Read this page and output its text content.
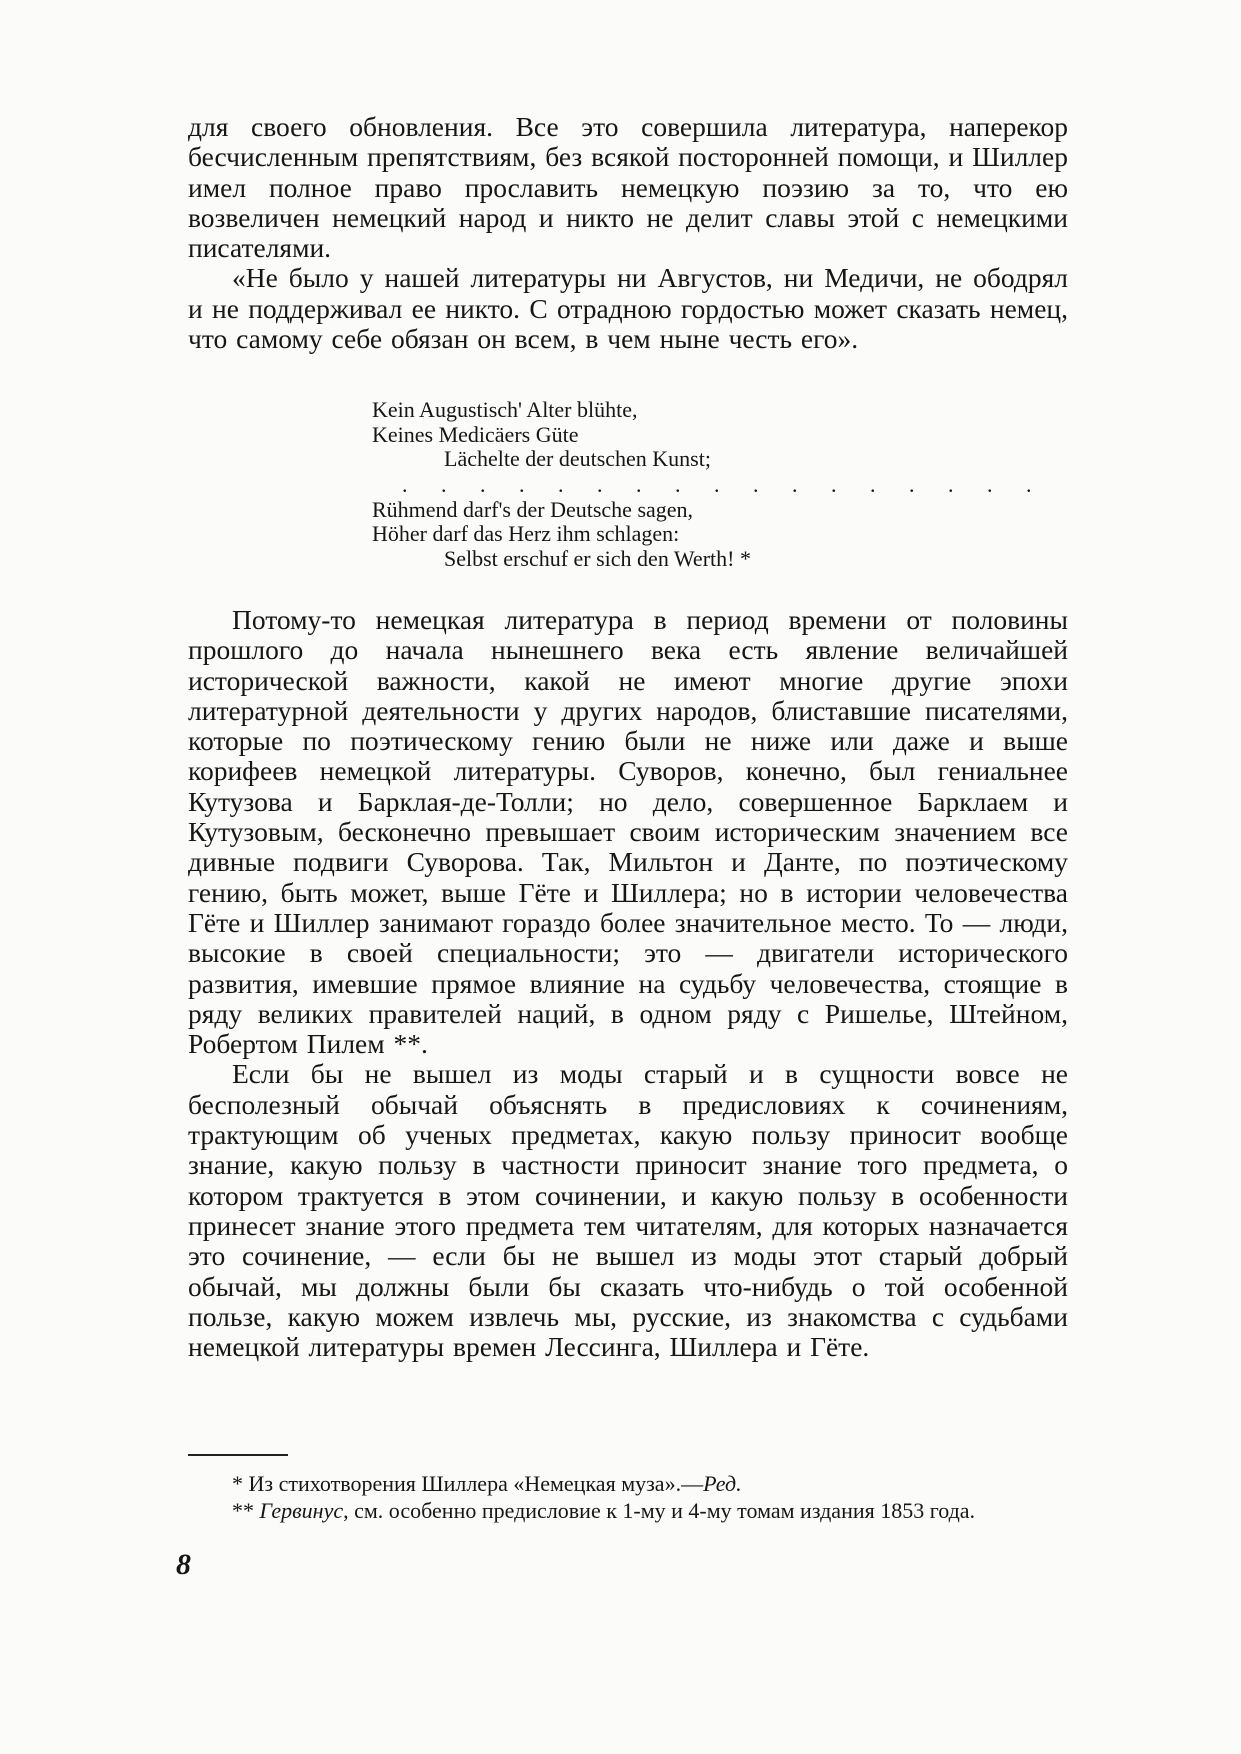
для своего обновления. Все это совершила литература, наперекор бесчисленным препятствиям, без всякой посторонней помощи, и Шиллер имел полное право прославить немецкую поэзию за то, что ею возвеличен немецкий народ и никто не делит славы этой с немецкими писателями.

«Не было у нашей литературы ни Августов, ни Медичи, не ободрял и не поддерживал ее никто. С отрадною гордостью может сказать немец, что самому себе обязан он всем, в чем ныне честь его».

Kein Augustisch' Alter blühte,
Keines Medicäers Güte
Lächelte der deutschen Kunst;
. . . . . . . . . . . . . . . . .
Rühmend darf's der Deutsche sagen,
Höher darf das Herz ihm schlagen:
Selbst erschuf er sich den Werth! *

Потому-то немецкая литература в период времени от половины прошлого до начала нынешнего века есть явление величайшей исторической важности, какой не имеют многие другие эпохи литературной деятельности у других народов, блиставшие писателями, которые по поэтическому гению были не ниже или даже и выше корифеев немецкой литературы. Суворов, конечно, был гениальнее Кутузова и Барклая-де-Толли; но дело, совершенное Барклаем и Кутузовым, бесконечно превышает своим историческим значением все дивные подвиги Суворова. Так, Мильтон и Данте, по поэтическому гению, быть может, выше Гёте и Шиллера; но в истории человечества Гёте и Шиллер занимают гораздо более значительное место. То — люди, высокие в своей специальности; это — двигатели исторического развития, имевшие прямое влияние на судьбу человечества, стоящие в ряду великих правителей наций, в одном ряду с Ришелье, Штейном, Робертом Пилем **.

Если бы не вышел из моды старый и в сущности вовсе не бесполезный обычай объяснять в предисловиях к сочинениям, трактующим об ученых предметах, какую пользу приносит вообще знание, какую пользу в частности приносит знание того предмета, о котором трактуется в этом сочинении, и какую пользу в особенности принесет знание этого предмета тем читателям, для которых назначается это сочинение, — если бы не вышел из моды этот старый добрый обычай, мы должны были бы сказать что-нибудь о той особенной пользе, какую можем извлечь мы, русские, из знакомства с судьбами немецкой литературы времен Лессинга, Шиллера и Гёте.

* Из стихотворения Шиллера «Немецкая муза».—Ред.

** Гервинус, см. особенно предисловие к 1-му и 4-му томам издания 1853 года.

8
